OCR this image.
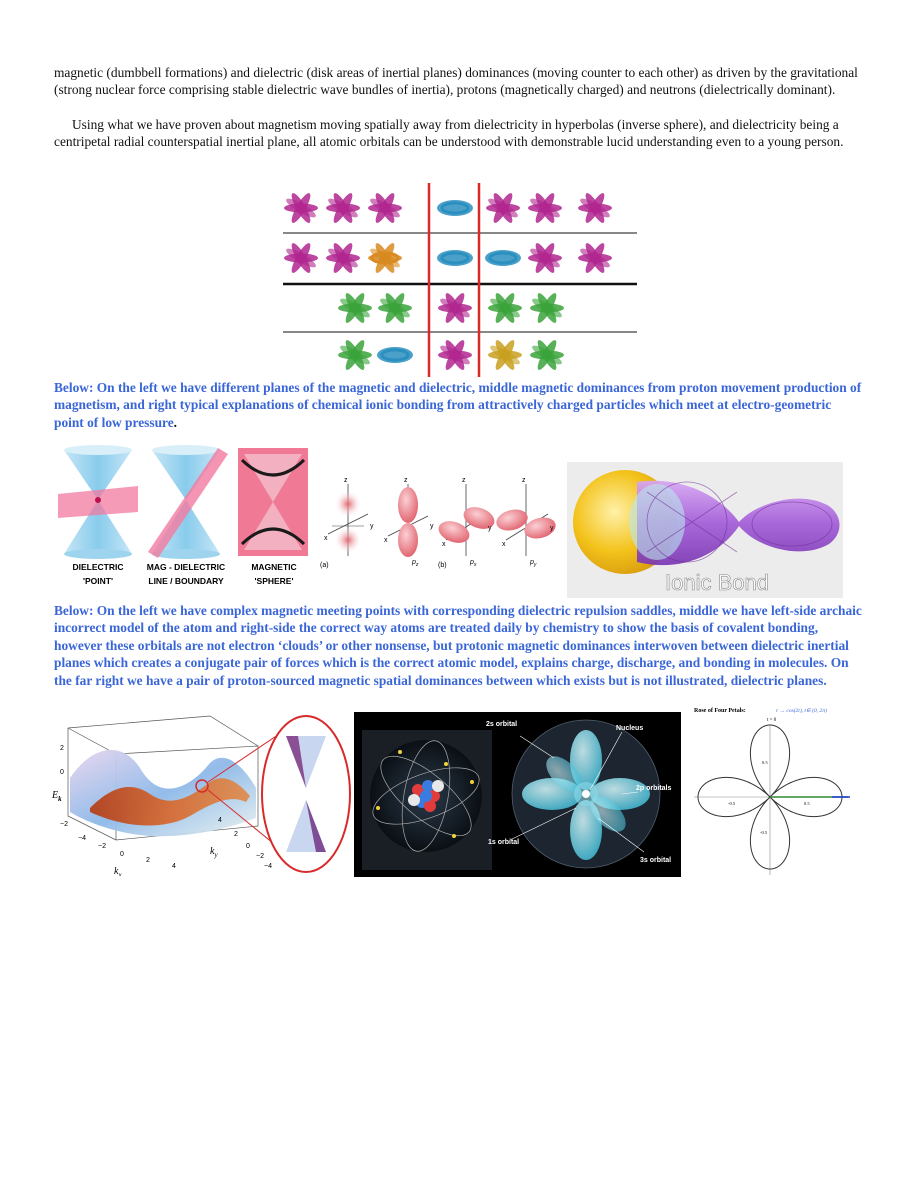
magnetic (dumbbell formations) and dielectric (disk areas of inertial planes) dominances (moving counter to each other) as driven by the gravitational (strong nuclear force comprising stable dielectric wave bundles of inertia), protons (magnetically charged) and neutrons (dielectrically dominant).

Using what we have proven about magnetism moving spatially away from dielectricity in hyperbolas (inverse sphere), and dielectricity being a centripetal radial counterspatial inertial plane, all atomic orbitals can be understood with demonstrable lucid understanding even to a young person.

Below: On the left we have different planes of the magnetic and dielectric, middle magnetic dominances from proton movement production of magnetism, and right typical explanations of chemical ionic bonding from attractively charged particles which meet at electro-geometric point of low pressure.

DIELECTRIC
'POINT'
MAG - DIELECTRIC
LINE / BOUNDARY
MAGNETIC
'SPHERE'
z	z	z	z
x	x
x	x
y	y	y	y
(a)	(b)
$p_z$	$p_x$	$p_y$
Ionic Bond

Below: On the left we have complex magnetic meeting points with corresponding dielectric repulsion saddles, middle we have left-side archaic incorrect model of the atom and right-side the correct way atoms are treated daily by chemistry to show the basis of covalent bonding, however these orbitals are not electron ‘clouds’ or other nonsense, but protonic magnetic dominances interwoven between dielectric inertial planes which creates a conjugate pair of forces which is the correct atomic model, explains charge, discharge, and bonding in molecules. On the far right we have a pair of proton-sourced magnetic spatial dominances between which exists but is not illustrated, dielectric planes.

$E_k$
$k_x$
$k_y$
2
0
−2
−4
−2
0
2
4
4
2
0
−2
−4
2s orbital
Nucleus
2p orbitals
1s orbital
3s orbital
Rose of Four Petals:	r → cos(2t), t∈ (0, 2π)
t = 0
0.5
-0.5
-0.5	0.5
